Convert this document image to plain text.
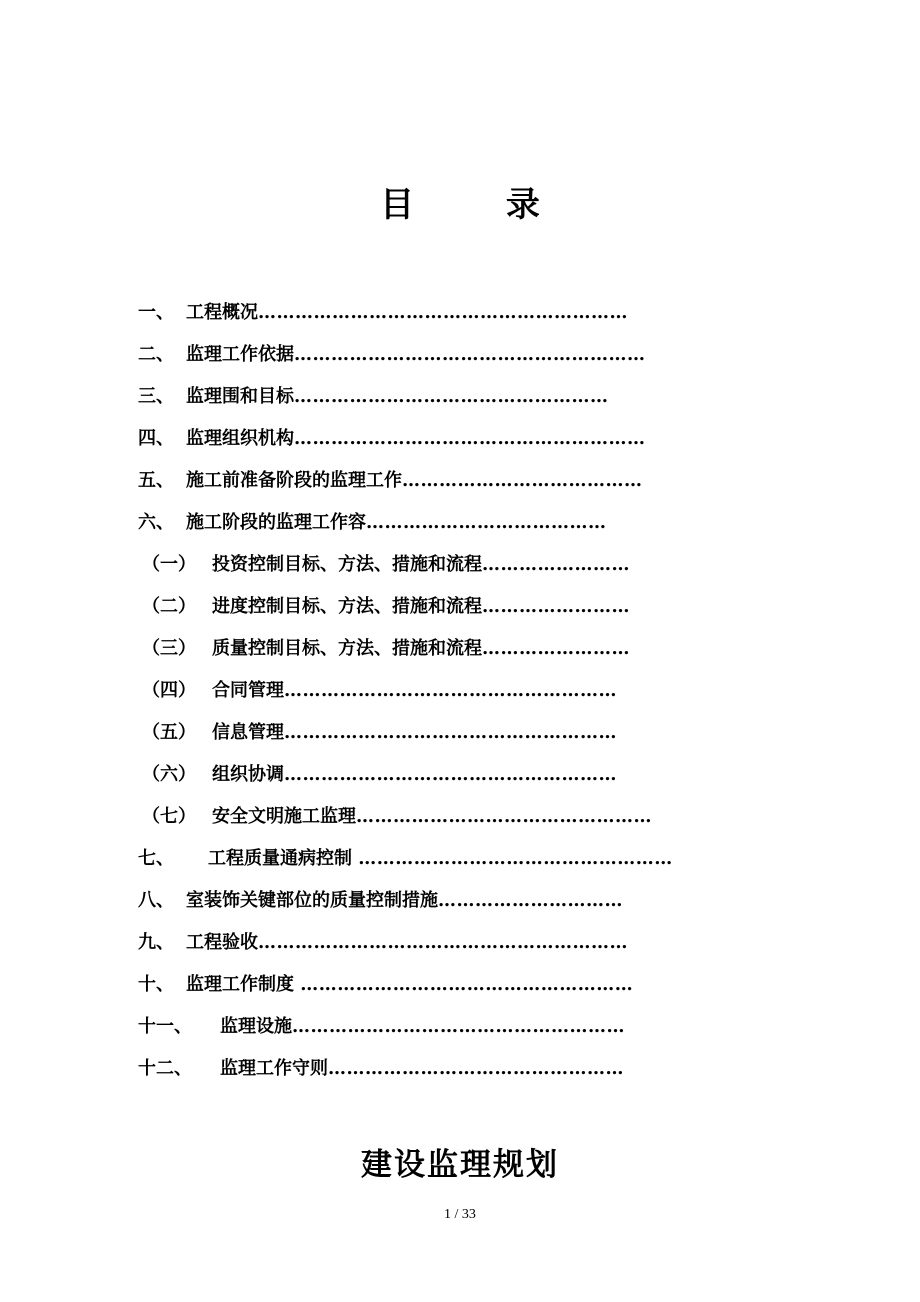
目 录
一、 工程概况……………………………………………………
二、 监理工作依据…………………………………………………
三、 监理围和目标……………………………………………
四、 监理组织机构…………………………………………………
五、 施工前准备阶段的监理工作…………………………………
六、 施工阶段的监理工作容…………………………………
（一） 投资控制目标、方法、措施和流程……………………
（二） 进度控制目标、方法、措施和流程……………………
（三） 质量控制目标、方法、措施和流程……………………
（四） 合同管理………………………………………………
（五） 信息管理………………………………………………
（六） 组织协调………………………………………………
（七） 安全文明施工监理…………………………………………
七、 工程质量通病控制 ……………………………………………
八、 室装饰关键部位的质量控制措施…………………………
九、 工程验收……………………………………………………
十、 监理工作制度 ………………………………………………
十一、 监理设施………………………………………………
十二、 监理工作守则…………………………………………
建设监理规划
1 / 33
